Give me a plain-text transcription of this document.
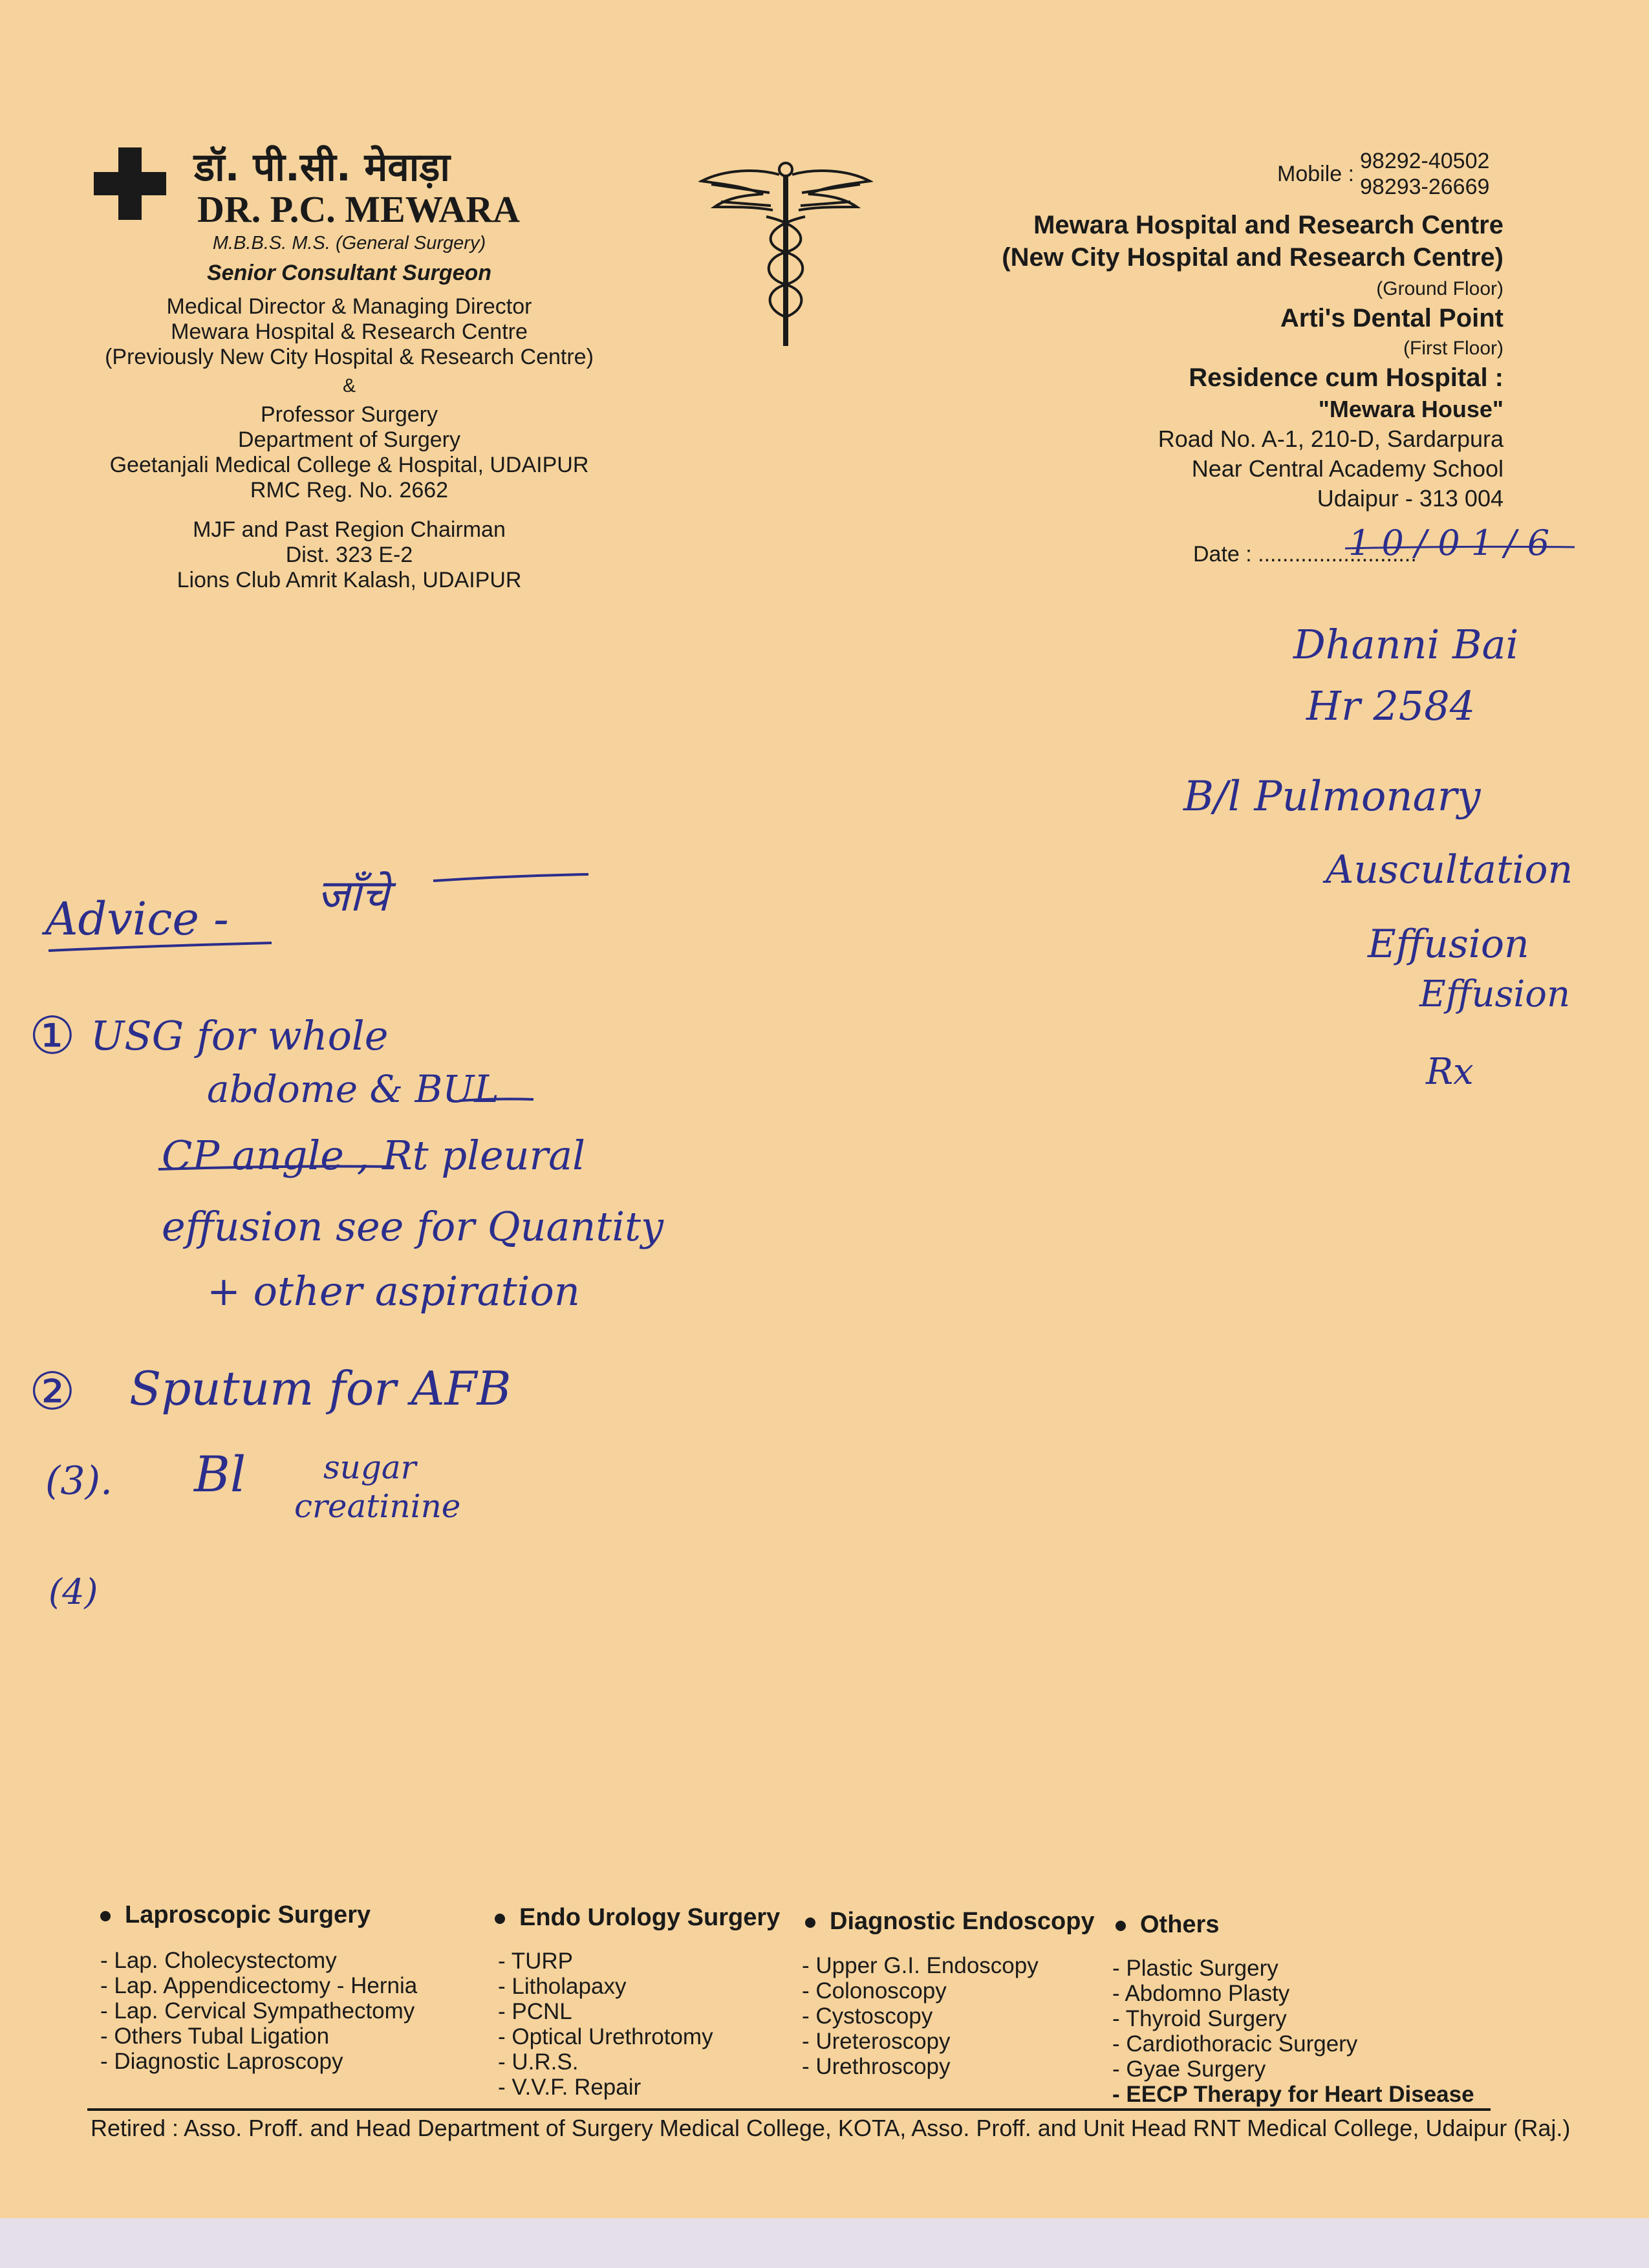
डॉ. पी.सी. मेवाड़ा
DR. P.C. MEWARA
M.B.B.S. M.S. (General Surgery)
Senior Consultant Surgeon
Medical Director & Managing Director
Mewara Hospital & Research Centre
(Previously New City Hospital & Research Centre)
&
Professor Surgery
Department of Surgery
Geetanjali Medical College & Hospital, UDAIPUR
RMC Reg. No. 2662
MJF and Past Region Chairman
Dist. 323 E-2
Lions Club Amrit Kalash, UDAIPUR
Mobile :
98292-40502
98293-26669
Mewara Hospital and Research Centre
(New City Hospital and Research Centre)
(Ground Floor)
Arti's Dental Point
(First Floor)
Residence cum Hospital :
"Mewara House"
Road No. A-1, 210-D, Sardarpura
Near Central Academy School
Udaipur - 313 004
Date : ..........................
1 0 / 0 1 / 6
Dhanni Bai
Hr 2584
B/l Pulmonary
Auscultation
Effusion
Effusion
Rx
Advice - जाँचे
① USG for whole
abdome & BUL
CP angle , Rt pleural
effusion see for Quantity
+ other aspiration
② Sputum for AFB
(3). Bl sugar
creatinine
(4)
Laproscopic Surgery
- Lap. Cholecystectomy
- Lap. Appendicectomy - Hernia
- Lap. Cervical Sympathectomy
- Others Tubal Ligation
- Diagnostic Laproscopy
Endo Urology Surgery
- TURP
- Litholapaxy
- PCNL
- Optical Urethrotomy
- U.R.S.
- V.V.F. Repair
Diagnostic Endoscopy
- Upper G.I. Endoscopy
- Colonoscopy
- Cystoscopy
- Ureteroscopy
- Urethroscopy
Others
- Plastic Surgery
- Abdomno Plasty
- Thyroid Surgery
- Cardiothoracic Surgery
- Gyae Surgery
- EECP Therapy for Heart Disease
Retired : Asso. Proff. and Head Department of Surgery Medical College, KOTA, Asso. Proff. and Unit Head RNT Medical College, Udaipur (Raj.)
